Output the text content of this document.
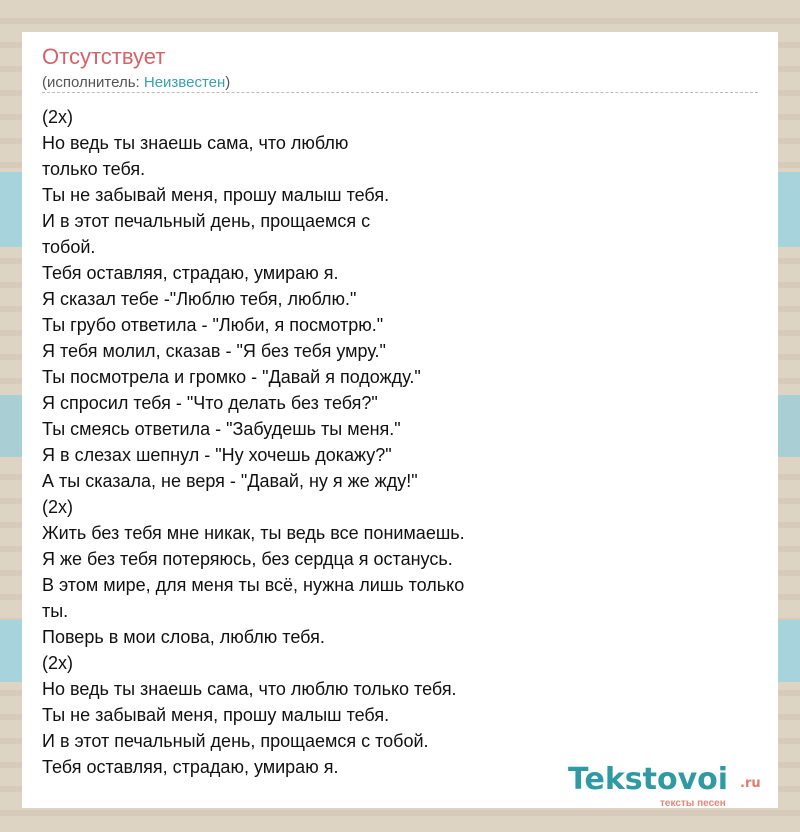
Отсутствует
(исполнитель: Неизвестен)
(2x)
Но ведь ты знаешь сама, что люблю
только тебя.
Ты не забывай меня, прошу малыш тебя.
И в этот печальный день, прощаемся с
тобой.
Тебя оставляя, страдаю, умираю я.
Я сказал тебе -"Люблю тебя, люблю."
Ты грубо ответила - "Люби, я посмотрю."
Я тебя молил, сказав - "Я без тебя умру."
Ты посмотрела и громко - "Давай я подожду."
Я спросил тебя - "Что делать без тебя?"
Ты смеясь ответила - "Забудешь ты меня."
Я в слезах шепнул - "Ну хочешь докажу?"
А ты сказала, не веря - "Давай, ну я же жду!"
(2x)
Жить без тебя мне никак, ты ведь все понимаешь.
Я же без тебя потеряюсь, без сердца я останусь.
В этом мире, для меня ты всё, нужна лишь только
ты.
Поверь в мои слова, люблю тебя.
(2x)
Но ведь ты знаешь сама, что люблю только тебя.
Ты не забывай меня, прошу малыш тебя.
И в этот печальный день, прощаемся с тобой.
Тебя оставляя, страдаю, умираю я.	Tekstovoi .ru
тексты песен
